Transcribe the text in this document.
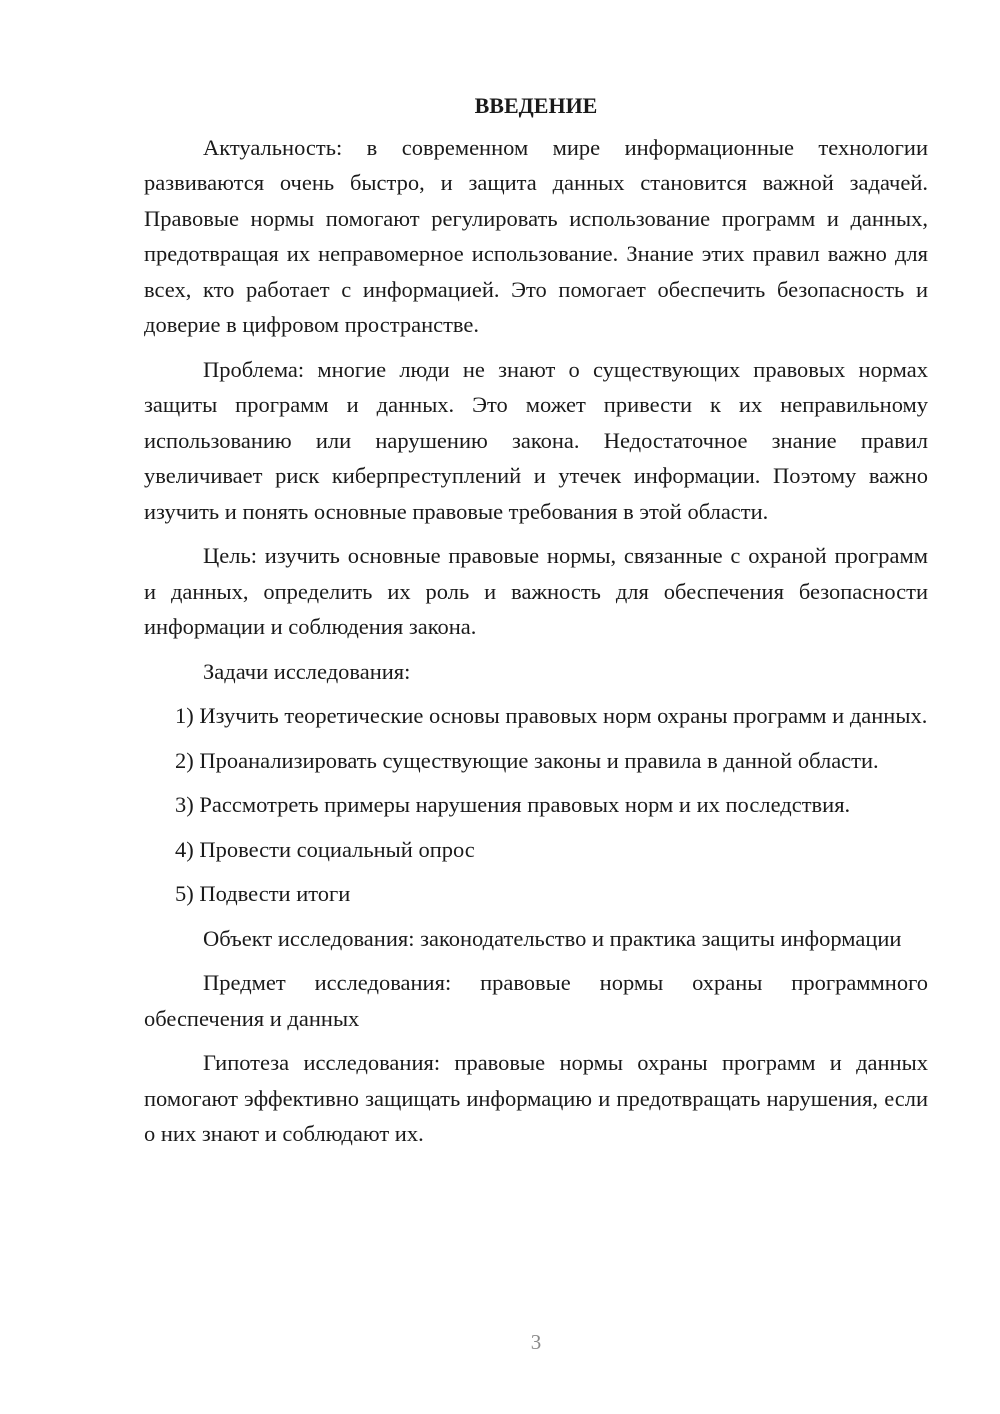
ВВЕДЕНИЕ

Актуальность: в современном мире информационные технологии развиваются очень быстро, и защита данных становится важной задачей. Правовые нормы помогают регулировать использование программ и данных, предотвращая их неправомерное использование. Знание этих правил важно для всех, кто работает с информацией. Это помогает обеспечить безопасность и доверие в цифровом пространстве.

Проблема: многие люди не знают о существующих правовых нормах защиты программ и данных. Это может привести к их неправильному использованию или нарушению закона. Недостаточное знание правил увеличивает риск киберпреступлений и утечек информации. Поэтому важно изучить и понять основные правовые требования в этой области.

Цель: изучить основные правовые нормы, связанные с охраной программ и данных, определить их роль и важность для обеспечения безопасности информации и соблюдения закона.

Задачи исследования:

1) Изучить теоретические основы правовых норм охраны программ и данных.

2) Проанализировать существующие законы и правила в данной области.

3) Рассмотреть примеры нарушения правовых норм и их последствия.

4) Провести социальный опрос

5) Подвести итоги

Объект исследования: законодательство и практика защиты информации

Предмет исследования: правовые нормы охраны программного обеспечения и данных

Гипотеза исследования: правовые нормы охраны программ и данных помогают эффективно защищать информацию и предотвращать нарушения, если о них знают и соблюдают их.

3
